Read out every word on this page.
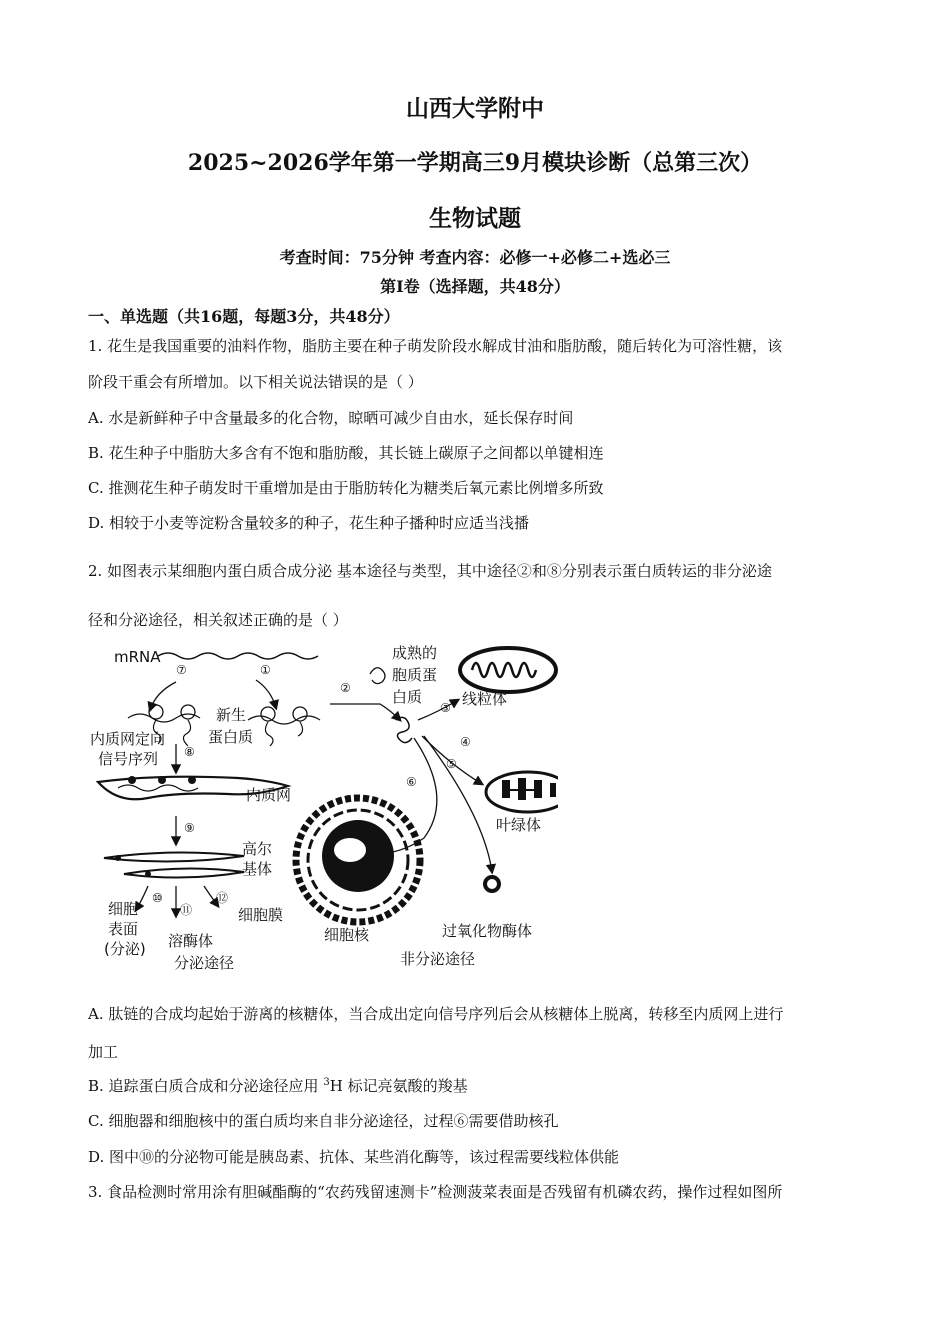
山西大学附中
2025~2026学年第一学期高三9月模块诊断（总第三次）
生物试题
考查时间：75分钟 考查内容：必修一+必修二+选必三
第Ⅰ卷（选择题，共48分）
一、单选题（共16题，每题3分，共48分）
1. 花生是我国重要的油料作物，脂肪主要在种子萌发阶段水解成甘油和脂肪酸，随后转化为可溶性糖，该
阶段干重会有所增加。以下相关说法错误的是（ ）
A. 水是新鲜种子中含量最多的化合物，晾晒可减少自由水，延长保存时间
B. 花生种子中脂肪大多含有不饱和脂肪酸，其长链上碳原子之间都以单键相连
C. 推测花生种子萌发时干重增加是由于脂肪转化为糖类后氧元素比例增多所致
D. 相较于小麦等淀粉含量较多的种子，花生种子播种时应适当浅播
2. 如图表示某细胞内蛋白质合成分泌 基本途径与类型，其中途径②和⑧分别表示蛋白质转运的非分泌途
径和分泌途径，相关叙述正确的是（ ）
mRNA
⑦	①
新生
蛋白质
②
成熟的
胞质蛋
白质	线粒体
③
④
⑤
叶绿体
内质网定向
信号序列 ⑧
内质网
⑨
高尔
基体
⑩
⑪
⑫
细胞
表面
(分泌)
细胞膜
溶酶体
分泌途径
细胞核
⑥
过氧化物酶体
非分泌途径
A. 肽链的合成均起始于游离的核糖体，当合成出定向信号序列后会从核糖体上脱离，转移至内质网上进行
加工
B. 追踪蛋白质合成和分泌途径应用 $^3$H 标记亮氨酸的羧基
C. 细胞器和细胞核中的蛋白质均来自非分泌途径，过程⑥需要借助核孔
D. 图中⑩的分泌物可能是胰岛素、抗体、某些消化酶等，该过程需要线粒体供能
3. 食品检测时常用涂有胆碱酯酶的“农药残留速测卡”检测菠菜表面是否残留有机磷农药，操作过程如图所
